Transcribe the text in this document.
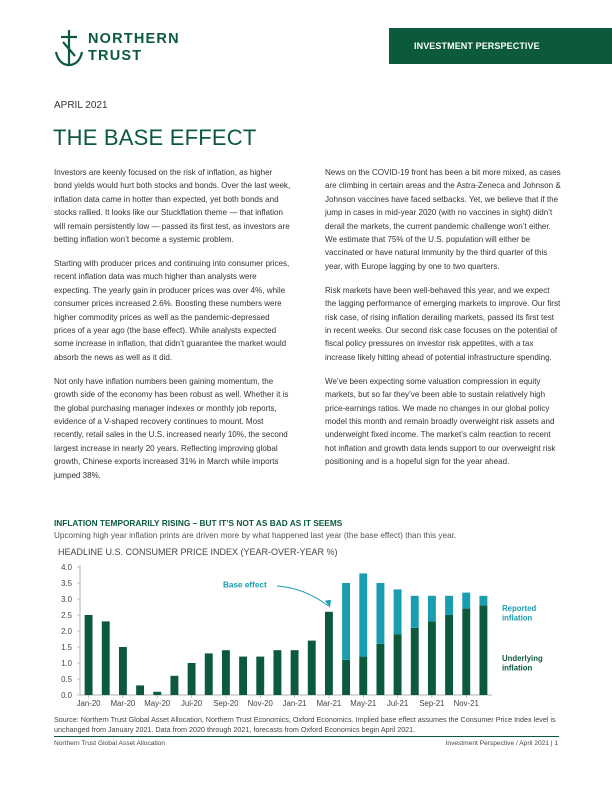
NORTHERN
TRUST
INVESTMENT PERSPECTIVE
APRIL 2021
THE BASE EFFECT

Investors are keenly focused on the risk of inflation, as higher bond yields would hurt both stocks and bonds. Over the last week, inflation data came in hotter than expected, yet both bonds and stocks rallied. It looks like our Stuckflation theme — that inflation will remain persistently low — passed its first test, as investors are betting inflation won’t become a systemic problem.

Starting with producer prices and continuing into consumer prices, recent inflation data was much higher than analysts were expecting. The yearly gain in producer prices was over 4%, while consumer prices increased 2.6%. Boosting these numbers were higher commodity prices as well as the pandemic-depressed prices of a year ago (the base effect). While analysts expected some increase in inflation, that didn’t guarantee the market would absorb the news as well as it did.

Not only have inflation numbers been gaining momentum, the growth side of the economy has been robust as well. Whether it is the global purchasing manager indexes or monthly job reports, evidence of a V-shaped recovery continues to mount. Most recently, retail sales in the U.S. increased nearly 10%, the second largest increase in nearly 20 years. Reflecting improving global growth, Chinese exports increased 31% in March while imports jumped 38%.

News on the COVID-19 front has been a bit more mixed, as cases are climbing in certain areas and the Astra-Zeneca and Johnson & Johnson vaccines have faced setbacks. Yet, we believe that if the jump in cases in mid-year 2020 (with no vaccines in sight) didn’t derail the markets, the current pandemic challenge won’t either. We estimate that 75% of the U.S. population will either be vaccinated or have natural immunity by the third quarter of this year, with Europe lagging by one to two quarters.

Risk markets have been well-behaved this year, and we expect the lagging performance of emerging markets to improve. Our first risk case, of rising inflation derailing markets, passed its first test in recent weeks. Our second risk case focuses on the potential of fiscal policy pressures on investor risk appetites, with a tax increase likely hitting ahead of potential infrastructure spending.

We’ve been expecting some valuation compression in equity markets, but so far they’ve been able to sustain relatively high price-earnings ratios. We made no changes in our global policy model this month and remain broadly overweight risk assets and underweight fixed income. The market’s calm reaction to recent hot inflation and growth data lends support to our overweight risk positioning and is a hopeful sign for the year ahead.

INFLATION TEMPORARILY RISING – BUT IT’S NOT AS BAD AS IT SEEMS
Upcoming high year inflation prints are driven more by what happened last year (the base effect) than this year.
HEADLINE U.S. CONSUMER PRICE INDEX (YEAR-OVER-YEAR %)
0.0
0.5
1.0
1.5
2.0
2.5
3.0
3.5
4.0
Jan-20 Mar-20 May-20 Jul-20 Sep-20 Nov-20 Jan-21 Mar-21 May-21 Jul-21 Sep-21 Nov-21
Base effect
Reported inflation
Underlying inflation
Source: Northern Trust Global Asset Allocation, Northern Trust Economics, Oxford Economics. Implied base effect assumes the Consumer Price Index level is unchanged from January 2021. Data from 2020 through 2021, forecasts from Oxford Economics begin April 2021.
Northern Trust Global Asset Allocation	Investment Perspective / April 2021 | 1
